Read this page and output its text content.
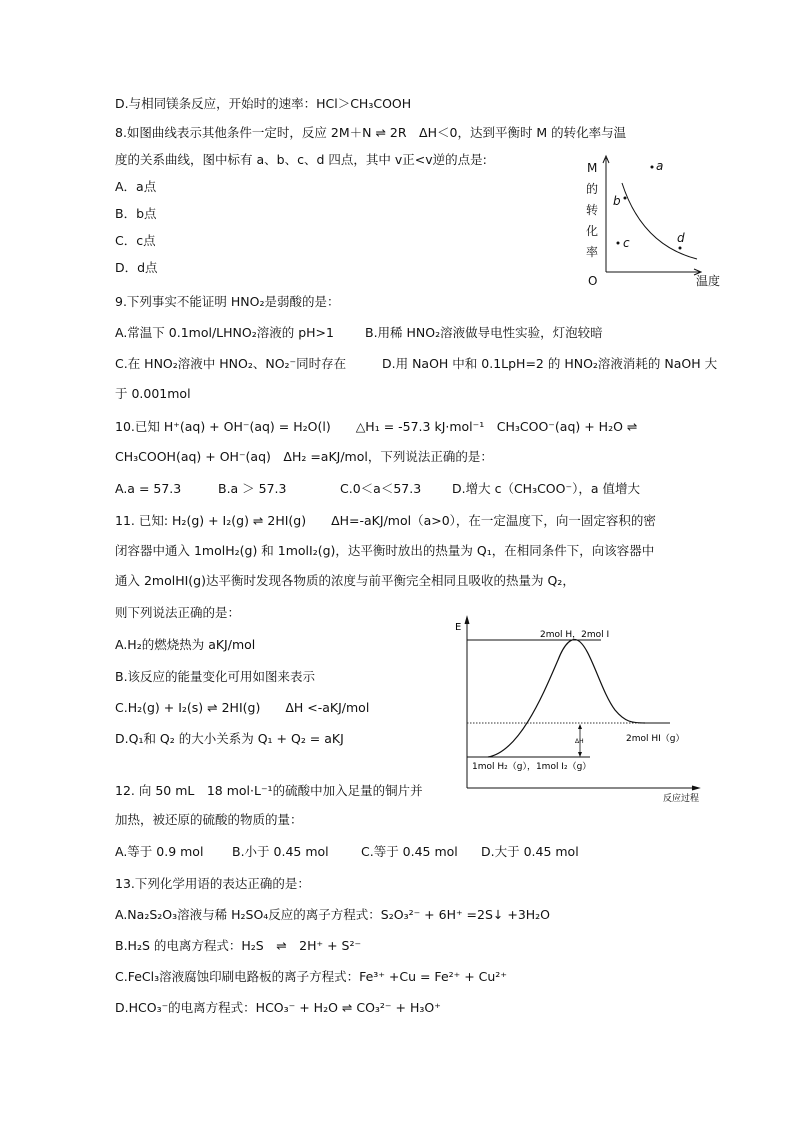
D.与相同镁条反应，开始时的速率：HCl＞CH₃COOH
8.如图曲线表示其他条件一定时，反应 2M＋N ⇌ 2R　ΔH＜0，达到平衡时 M 的转化率与温
度的关系曲线，图中标有 a、b、c、d 四点，其中 v正<v逆的点是:
A．a点
B．b点
C．c点
D．d点
M
的
转
化
率
O	温度
a
b
c	d
9.下列事实不能证明 HNO₂是弱酸的是：
A.常温下 0.1mol/LHNO₂溶液的 pH>1 B.用稀 HNO₂溶液做导电性实验，灯泡较暗
C.在 HNO₂溶液中 HNO₂、NO₂⁻同时存在	D.用 NaOH 中和 0.1LpH=2 的 HNO₂溶液消耗的 NaOH 大
于 0.001mol
10.已知 H⁺(aq) + OH⁻(aq) = H₂O(l)　　△H₁ = -57.3 kJ·mol⁻¹　CH₃COO⁻(aq) + H₂O ⇌
CH₃COOH(aq) + OH⁻(aq)　ΔH₂ =aKJ/mol，下列说法正确的是：
A.a = 57.3	B.a ＞ 57.3	C.0＜a＜57.3 D.增大 c（CH₃COO⁻），a 值增大
11. 已知: H₂(g) + I₂(g) ⇌ 2HI(g)　　ΔH=-aKJ/mol（a>0），在一定温度下，向一固定容积的密
闭容器中通入 1molH₂(g) 和 1molI₂(g)，达平衡时放出的热量为 Q₁，在相同条件下，向该容器中
通入 2molHI(g)达平衡时发现各物质的浓度与前平衡完全相同且吸收的热量为 Q₂，
则下列说法正确的是：
A.H₂的燃烧热为 aKJ/mol
B.该反应的能量变化可用如图来表示
C.H₂(g) + I₂(s) ⇌ 2HI(g)　　ΔH <-aKJ/mol
D.Q₁和 Q₂ 的大小关系为 Q₁ + Q₂ = aKJ
E
反应过程
2mol H，2mol I
2mol HI（g）
1mol H₂（g），1mol I₂（g）
ΔH
12. 向 50 mL　18 mol·L⁻¹的硫酸中加入足量的铜片并
加热，被还原的硫酸的物质的量：
A.等于 0.9 mol B.小于 0.45 mol	C.等于 0.45 mol D.大于 0.45 mol
13.下列化学用语的表达正确的是：
A.Na₂S₂O₃溶液与稀 H₂SO₄反应的离子方程式：S₂O₃²⁻ + 6H⁺ =2S↓ +3H₂O
B.H₂S 的电离方程式：H₂S　⇌　2H⁺ + S²⁻
C.FeCl₃溶液腐蚀印刷电路板的离子方程式：Fe³⁺ +Cu = Fe²⁺ + Cu²⁺
D.HCO₃⁻的电离方程式：HCO₃⁻ + H₂O ⇌ CO₃²⁻ + H₃O⁺
